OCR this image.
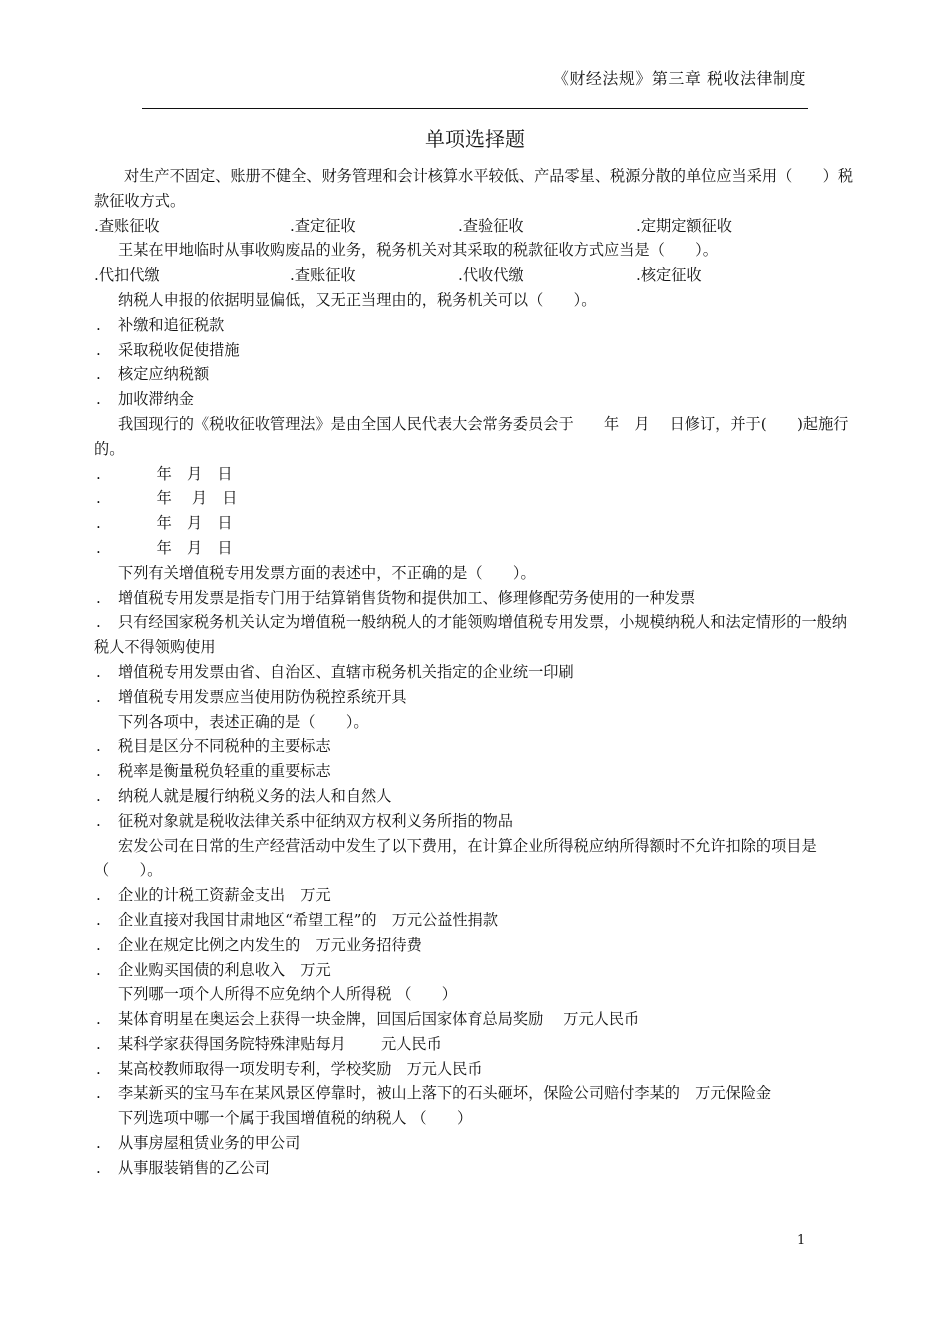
《财经法规》第三章 税收法律制度
单项选择题

对生产不固定、账册不健全、财务管理和会计核算水平较低、产品零星、税源分散的单位应当采用（　　）税款征收方式。

.查账征收	.查定征收	.查验征收	.定期定额征收

王某在甲地临时从事收购废品的业务，税务机关对其采取的税款征收方式应当是（　　）。

.代扣代缴	.查账征收	.代收代缴	.核定征收

纳税人申报的依据明显偏低，又无正当理由的，税务机关可以（　　）。

. 补缴和追征税款

. 采取税收促使措施

. 核定应纳税额

. 加收滞纳金

我国现行的《税收征收管理法》是由全国人民代表大会常务委员会于　　年　月　 日修订，并于(　　)起施行的。

.	年　月　日

.	年　 月　日

.	年　月　日

.	年　月　日

下列有关增值税专用发票方面的表述中，不正确的是（　　）。

. 增值税专用发票是指专门用于结算销售货物和提供加工、修理修配劳务使用的一种发票

. 只有经国家税务机关认定为增值税一般纳税人的才能领购增值税专用发票，小规模纳税人和法定情形的一般纳税人不得领购使用

. 增值税专用发票由省、自治区、直辖市税务机关指定的企业统一印刷

. 增值税专用发票应当使用防伪税控系统开具

下列各项中，表述正确的是（　　）。

. 税目是区分不同税种的主要标志

. 税率是衡量税负轻重的重要标志

. 纳税人就是履行纳税义务的法人和自然人

. 征税对象就是税收法律关系中征纳双方权利义务所指的物品

宏发公司在日常的生产经营活动中发生了以下费用，在计算企业所得税应纳所得额时不允许扣除的项目是（　　）。

. 企业的计税工资薪金支出　万元

. 企业直接对我国甘肃地区“希望工程”的　万元公益性捐款

. 企业在规定比例之内发生的　万元业务招待费

. 企业购买国债的利息收入　万元

下列哪一项个人所得不应免纳个人所得税 （　　）

. 某体育明星在奥运会上获得一块金牌，回国后国家体育总局奖励　 万元人民币

. 某科学家获得国务院特殊津贴每月　　 元人民币

. 某高校教师取得一项发明专利，学校奖励　万元人民币

. 李某新买的宝马车在某风景区停靠时，被山上落下的石头砸坏，保险公司赔付李某的　万元保险金

下列选项中哪一个属于我国增值税的纳税人 （　　）

. 从事房屋租赁业务的甲公司

. 从事服装销售的乙公司

1
